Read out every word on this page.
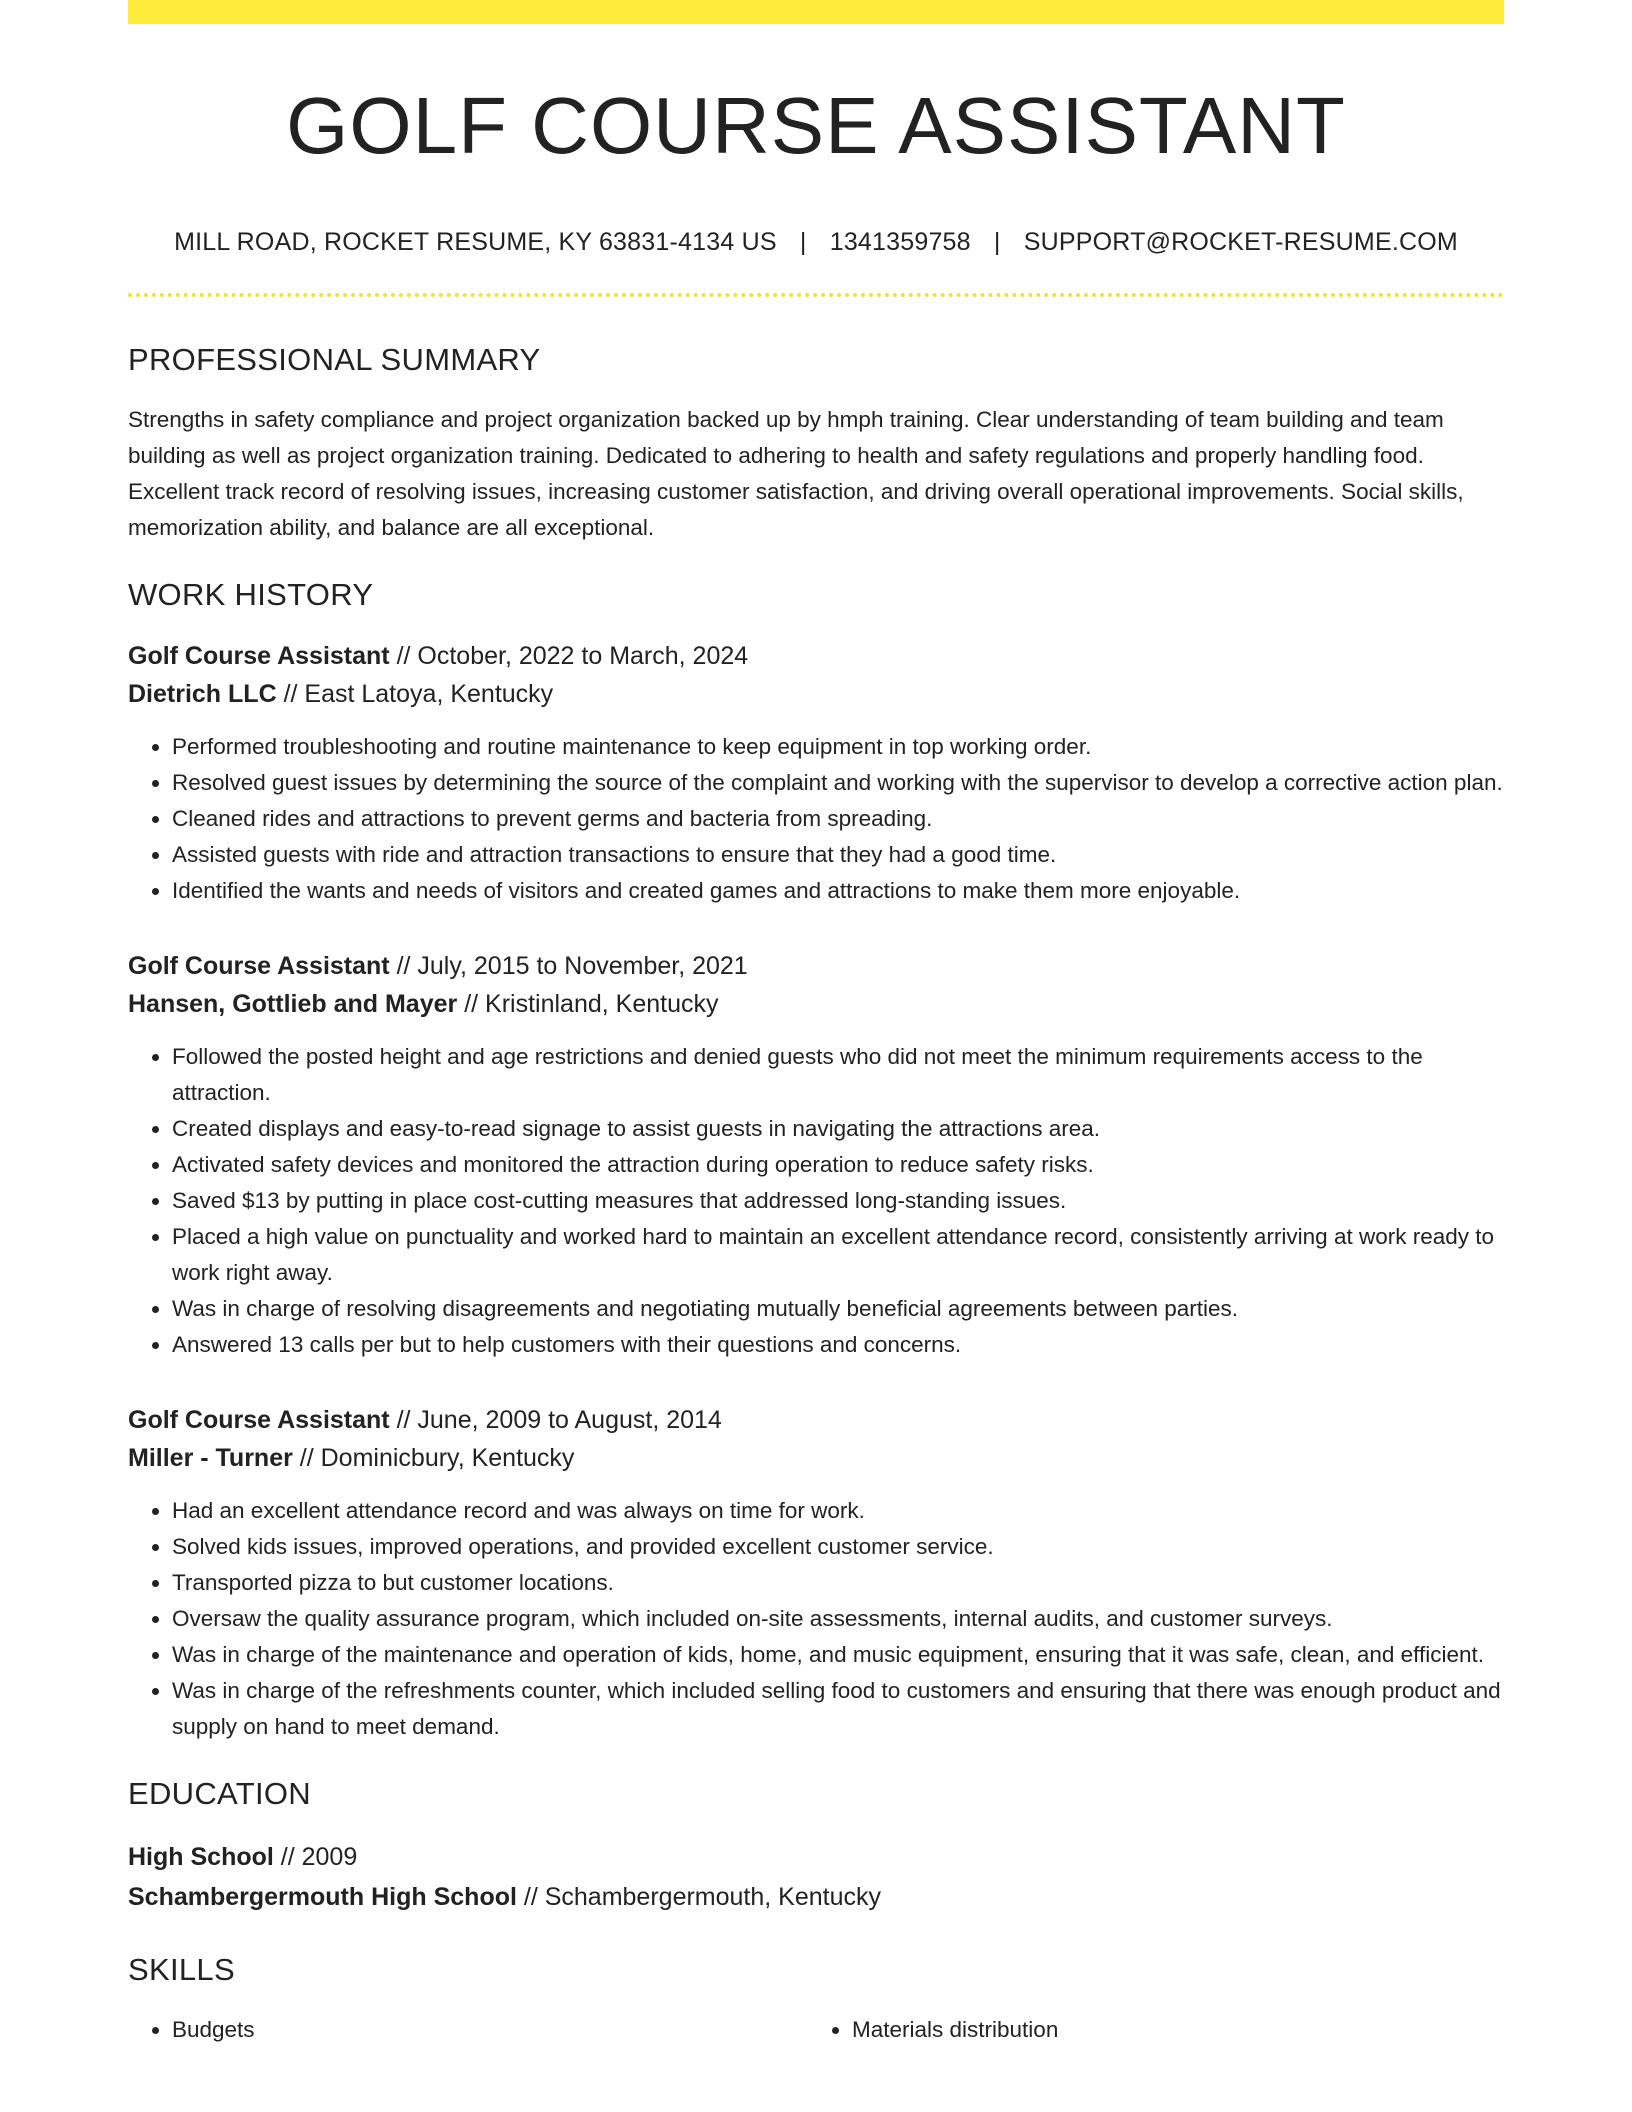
GOLF COURSE ASSISTANT
MILL ROAD, ROCKET RESUME, KY 63831-4134 US | 1341359758 | SUPPORT@ROCKET-RESUME.COM
PROFESSIONAL SUMMARY
Strengths in safety compliance and project organization backed up by hmph training. Clear understanding of team building and team building as well as project organization training. Dedicated to adhering to health and safety regulations and properly handling food. Excellent track record of resolving issues, increasing customer satisfaction, and driving overall operational improvements. Social skills, memorization ability, and balance are all exceptional.
WORK HISTORY
Golf Course Assistant // October, 2022 to March, 2024
Dietrich LLC // East Latoya, Kentucky
• Performed troubleshooting and routine maintenance to keep equipment in top working order.
• Resolved guest issues by determining the source of the complaint and working with the supervisor to develop a corrective action plan.
• Cleaned rides and attractions to prevent germs and bacteria from spreading.
• Assisted guests with ride and attraction transactions to ensure that they had a good time.
• Identified the wants and needs of visitors and created games and attractions to make them more enjoyable.
Golf Course Assistant // July, 2015 to November, 2021
Hansen, Gottlieb and Mayer // Kristinland, Kentucky
• Followed the posted height and age restrictions and denied guests who did not meet the minimum requirements access to the attraction.
• Created displays and easy-to-read signage to assist guests in navigating the attractions area.
• Activated safety devices and monitored the attraction during operation to reduce safety risks.
• Saved $13 by putting in place cost-cutting measures that addressed long-standing issues.
• Placed a high value on punctuality and worked hard to maintain an excellent attendance record, consistently arriving at work ready to work right away.
• Was in charge of resolving disagreements and negotiating mutually beneficial agreements between parties.
• Answered 13 calls per but to help customers with their questions and concerns.
Golf Course Assistant // June, 2009 to August, 2014
Miller - Turner // Dominicbury, Kentucky
• Had an excellent attendance record and was always on time for work.
• Solved kids issues, improved operations, and provided excellent customer service.
• Transported pizza to but customer locations.
• Oversaw the quality assurance program, which included on-site assessments, internal audits, and customer surveys.
• Was in charge of the maintenance and operation of kids, home, and music equipment, ensuring that it was safe, clean, and efficient.
• Was in charge of the refreshments counter, which included selling food to customers and ensuring that there was enough product and supply on hand to meet demand.
EDUCATION
High School // 2009
Schambergermouth High School // Schambergermouth, Kentucky
SKILLS
• Budgets
•	Materials distribution
